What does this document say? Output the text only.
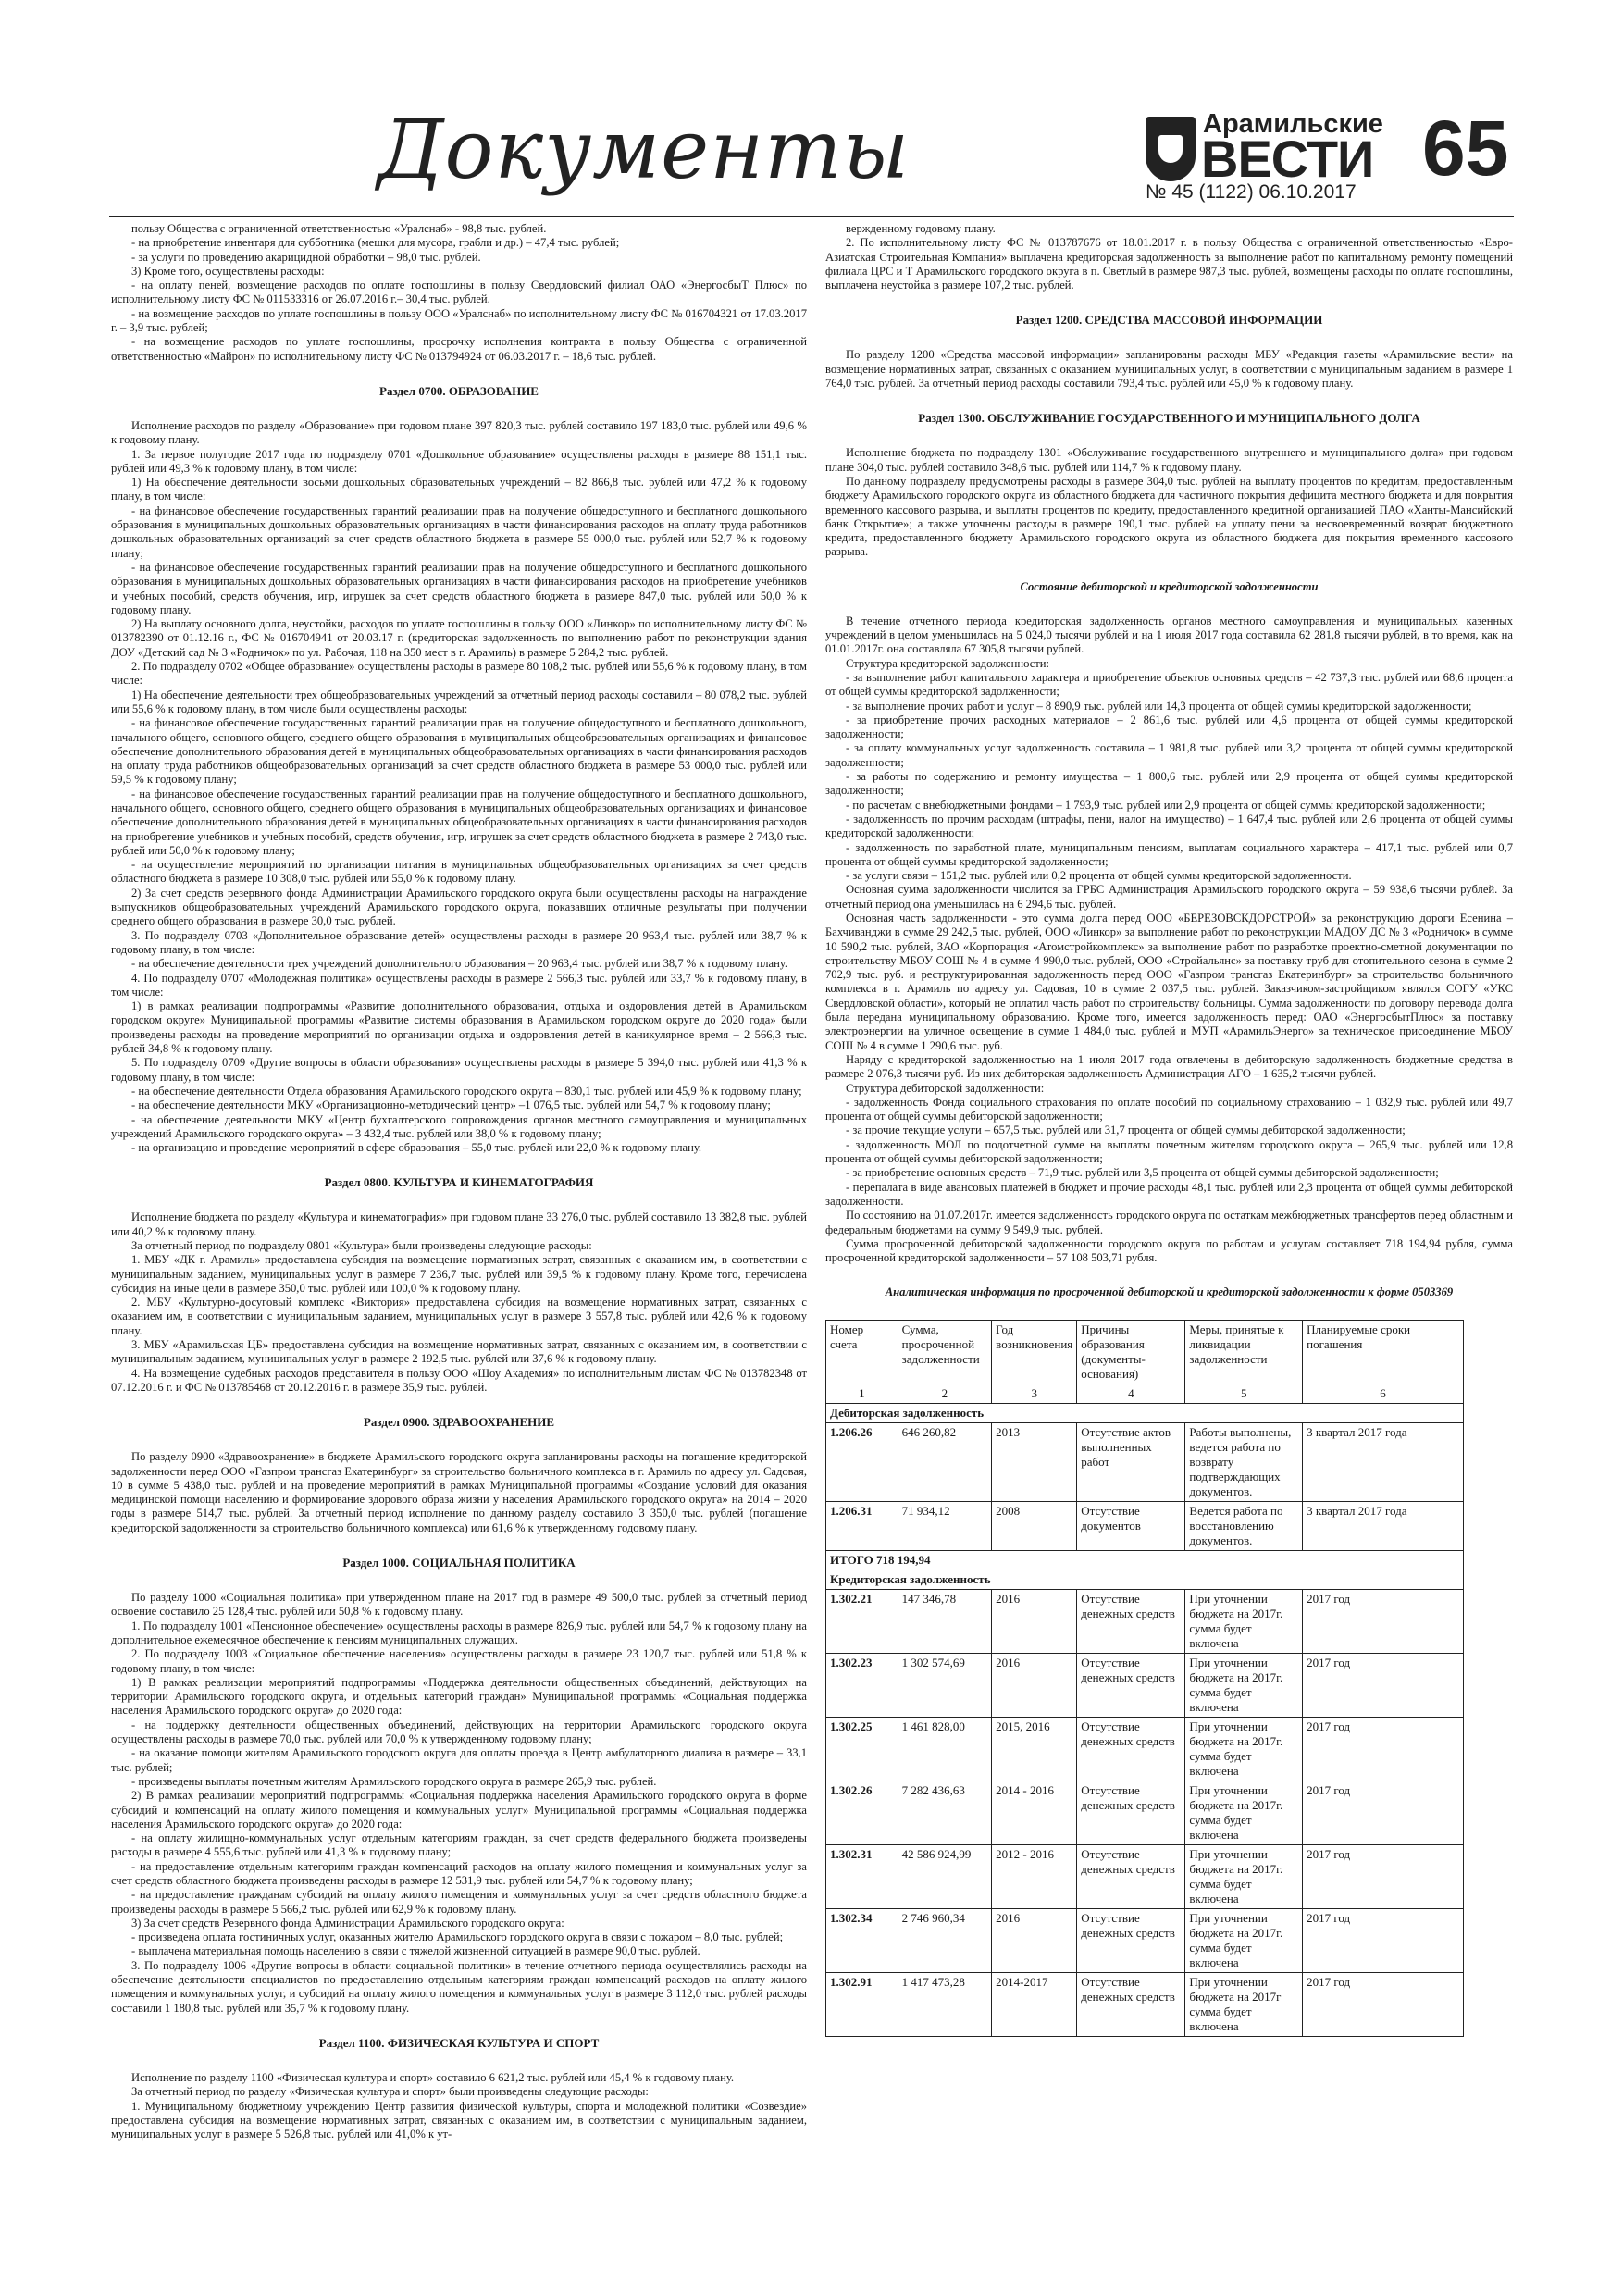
Документы	Арамильские
ВЕСТИ 65
№ 45 (1122) 06.10.2017

пользу Общества с ограниченной ответственностью «Уралснаб» - 98,8 тыс. рублей.

- на приобретение инвентаря для субботника (мешки для мусора, грабли и др.) – 47,4 тыс. рублей;

- за услуги по проведению акарицидной обработки – 98,0 тыс. рублей.

3) Кроме того, осуществлены расходы:

- на оплату пеней, возмещение расходов по оплате госпошлины в пользу Свердловский филиал ОАО «ЭнергосбыТ Плюс» по исполнительному листу ФС № 011533316 от 26.07.2016 г.– 30,4 тыс. рублей.

- на возмещение расходов по уплате госпошлины в пользу ООО «Уралснаб» по исполнительному листу ФС № 016704321 от 17.03.2017 г. – 3,9 тыс. рублей;

- на возмещение расходов по уплате госпошлины, просрочку исполнения контракта в пользу Общества с ограниченной ответственностью «Майрон» по исполнительному листу ФС № 013794924 от 06.03.2017 г. – 18,6 тыс. рублей.

Раздел 0700. ОБРАЗОВАНИЕ

Исполнение расходов по разделу «Образование» при годовом плане 397 820,3 тыс. рублей составило 197 183,0 тыс. рублей или 49,6 % к годовому плану.

1. За первое полугодие 2017 года по подразделу 0701 «Дошкольное образование» осуществлены расходы в размере 88 151,1 тыс. рублей или 49,3 % к годовому плану, в том числе:

1) На обеспечение деятельности восьми дошкольных образовательных учреждений – 82 866,8 тыс. рублей или 47,2 % к годовому плану, в том числе:

- на финансовое обеспечение государственных гарантий реализации прав на получение общедоступного и бесплатного дошкольного образования в муниципальных дошкольных образовательных организациях в части финансирования расходов на оплату труда работников дошкольных образовательных организаций за счет средств областного бюджета в размере 55 000,0 тыс. рублей или 52,7 % к годовому плану;

- на финансовое обеспечение государственных гарантий реализации прав на получение общедоступного и бесплатного дошкольного образования в муниципальных дошкольных образовательных организациях в части финансирования расходов на приобретение учебников и учебных пособий, средств обучения, игр, игрушек за счет средств областного бюджета в размере 847,0 тыс. рублей или 50,0 % к годовому плану.

2) На выплату основного долга, неустойки, расходов по уплате госпошлины в пользу ООО «Линкор» по исполнительному листу ФС № 013782390 от 01.12.16 г., ФС № 016704941 от 20.03.17 г. (кредиторская задолженность по выполнению работ по реконструкции здания ДОУ «Детский сад № 3 «Родничок» по ул. Рабочая, 118 на 350 мест в г. Арамиль) в размере 5 284,2 тыс. рублей.

2. По подразделу 0702 «Общее образование» осуществлены расходы в размере 80 108,2 тыс. рублей или 55,6 % к годовому плану, в том числе:

1) На обеспечение деятельности трех общеобразовательных учреждений за отчетный период расходы составили – 80 078,2 тыс. рублей или 55,6 % к годовому плану, в том числе были осуществлены расходы:

- на финансовое обеспечение государственных гарантий реализации прав на получение общедоступного и бесплатного дошкольного, начального общего, основного общего, среднего общего образования в муниципальных общеобразовательных организациях и финансовое обеспечение дополнительного образования детей в муниципальных общеобразовательных организациях в части финансирования расходов на оплату труда работников общеобразовательных организаций за счет средств областного бюджета в размере 53 000,0 тыс. рублей или 59,5 % к годовому плану;

- на финансовое обеспечение государственных гарантий реализации прав на получение общедоступного и бесплатного дошкольного, начального общего, основного общего, среднего общего образования в муниципальных общеобразовательных организациях и финансовое обеспечение дополнительного образования детей в муниципальных общеобразовательных организациях в части финансирования расходов на приобретение учебников и учебных пособий, средств обучения, игр, игрушек за счет средств областного бюджета в размере 2 743,0 тыс. рублей или 50,0 % к годовому плану;

- на осуществление мероприятий по организации питания в муниципальных общеобразовательных организациях за счет средств областного бюджета в размере 10 308,0 тыс. рублей или 55,0 % к годовому плану.

2) За счет средств резервного фонда Администрации Арамильского городского округа были осуществлены расходы на награждение выпускников общеобразовательных учреждений Арамильского городского округа, показавших отличные результаты при получении среднего общего образования в размере 30,0 тыс. рублей.

3. По подразделу 0703 «Дополнительное образование детей» осуществлены расходы в размере 20 963,4 тыс. рублей или 38,7 % к годовому плану, в том числе:

- на обеспечение деятельности трех учреждений дополнительного образования – 20 963,4 тыс. рублей или 38,7 % к годовому плану.

4. По подразделу 0707 «Молодежная политика» осуществлены расходы в размере 2 566,3 тыс. рублей или 33,7 % к годовому плану, в том числе:

1) в рамках реализации подпрограммы «Развитие дополнительного образования, отдыха и оздоровления детей в Арамильском городском округе» Муниципальной программы «Развитие системы образования в Арамильском городском округе до 2020 года» были произведены расходы на проведение мероприятий по организации отдыха и оздоровления детей в каникулярное время – 2 566,3 тыс. рублей 34,8 % к годовому плану.

5. По подразделу 0709 «Другие вопросы в области образования» осуществлены расходы в размере 5 394,0 тыс. рублей или 41,3 % к годовому плану, в том числе:

- на обеспечение деятельности Отдела образования Арамильского городского округа – 830,1 тыс. рублей или 45,9 % к годовому плану;

- на обеспечение деятельности МКУ «Организационно-методический центр» –1 076,5 тыс. рублей или 54,7 % к годовому плану;

- на обеспечение деятельности МКУ «Центр бухгалтерского сопровождения органов местного самоуправления и муниципальных учреждений Арамильского городского округа» – 3 432,4 тыс. рублей или 38,0 % к годовому плану;

- на организацию и проведение мероприятий в сфере образования – 55,0 тыс. рублей или 22,0 % к годовому плану.

Раздел 0800. КУЛЬТУРА И КИНЕМАТОГРАФИЯ

Исполнение бюджета по разделу «Культура и кинематография» при годовом плане 33 276,0 тыс. рублей составило 13 382,8 тыс. рублей или 40,2 % к годовому плану.

За отчетный период по подразделу 0801 «Культура» были произведены следующие расходы:

1. МБУ «ДК г. Арамиль» предоставлена субсидия на возмещение нормативных затрат, связанных с оказанием им, в соответствии с муниципальным заданием, муниципальных услуг в размере 7 236,7 тыс. рублей или 39,5 % к годовому плану. Кроме того, перечислена субсидия на иные цели в размере 350,0 тыс. рублей или 100,0 % к годовому плану.

2. МБУ «Культурно-досуговый комплекс «Виктория» предоставлена субсидия на возмещение нормативных затрат, связанных с оказанием им, в соответствии с муниципальным заданием, муниципальных услуг в размере 3 557,8 тыс. рублей или 42,6 % к годовому плану.

3. МБУ «Арамильская ЦБ» предоставлена субсидия на возмещение нормативных затрат, связанных с оказанием им, в соответствии с муниципальным заданием, муниципальных услуг в размере 2 192,5 тыс. рублей или 37,6 % к годовому плану.

4. На возмещение судебных расходов представителя в пользу ООО «Шоу Академия» по исполнительным листам ФС № 013782348 от 07.12.2016 г. и ФС № 013785468 от 20.12.2016 г. в размере 35,9 тыс. рублей.

Раздел 0900. ЗДРАВООХРАНЕНИЕ

По разделу 0900 «Здравоохранение» в бюджете Арамильского городского округа запланированы расходы на погашение кредиторской задолженности перед ООО «Газпром трансгаз Екатеринбург» за строительство больничного комплекса в г. Арамиль по адресу ул. Садовая, 10 в сумме 5 438,0 тыс. рублей и на проведение мероприятий в рамках Муниципальной программы «Создание условий для оказания медицинской помощи населению и формирование здорового образа жизни у населения Арамильского городского округа» на 2014 – 2020 годы в размере 514,7 тыс. рублей. За отчетный период исполнение по данному разделу составило 3 350,0 тыс. рублей (погашение кредиторской задолженности за строительство больничного комплекса) или 61,6 % к утвержденному годовому плану.

Раздел 1000. СОЦИАЛЬНАЯ ПОЛИТИКА

По разделу 1000 «Социальная политика» при утвержденном плане на 2017 год в размере 49 500,0 тыс. рублей за отчетный период освоение составило 25 128,4 тыс. рублей или 50,8 % к годовому плану.

1. По подразделу 1001 «Пенсионное обеспечение» осуществлены расходы в размере 826,9 тыс. рублей или 54,7 % к годовому плану на дополнительное ежемесячное обеспечение к пенсиям муниципальных служащих.

2. По подразделу 1003 «Социальное обеспечение населения» осуществлены расходы в размере 23 120,7 тыс. рублей или 51,8 % к годовому плану, в том числе:

1) В рамках реализации мероприятий подпрограммы «Поддержка деятельности общественных объединений, действующих на территории Арамильского городского округа, и отдельных категорий граждан» Муниципальной программы «Социальная поддержка населения Арамильского городского округа» до 2020 года:

- на поддержку деятельности общественных объединений, действующих на территории Арамильского городского округа осуществлены расходы в размере 70,0 тыс. рублей или 70,0 % к утвержденному годовому плану;

- на оказание помощи жителям Арамильского городского округа для оплаты проезда в Центр амбулаторного диализа в размере – 33,1 тыс. рублей;

- произведены выплаты почетным жителям Арамильского городского округа в размере 265,9 тыс. рублей.

2) В рамках реализации мероприятий подпрограммы «Социальная поддержка населения Арамильского городского округа в форме субсидий и компенсаций на оплату жилого помещения и коммунальных услуг» Муниципальной программы «Социальная поддержка населения Арамильского городского округа» до 2020 года:

- на оплату жилищно-коммунальных услуг отдельным категориям граждан, за счет средств федерального бюджета произведены расходы в размере 4 555,6 тыс. рублей или 41,3 % к годовому плану;

- на предоставление отдельным категориям граждан компенсаций расходов на оплату жилого помещения и коммунальных услуг за счет средств областного бюджета произведены расходы в размере 12 531,9 тыс. рублей или 54,7 % к годовому плану;

- на предоставление гражданам субсидий на оплату жилого помещения и коммунальных услуг за счет средств областного бюджета произведены расходы в размере 5 566,2 тыс. рублей или 62,9 % к годовому плану.

3) За счет средств Резервного фонда Администрации Арамильского городского округа:

- произведена оплата гостиничных услуг, оказанных жителю Арамильского городского округа в связи с пожаром – 8,0 тыс. рублей;

- выплачена материальная помощь населению в связи с тяжелой жизненной ситуацией в размере 90,0 тыс. рублей.

3. По подразделу 1006 «Другие вопросы в области социальной политики» в течение отчетного периода осуществлялись расходы на обеспечение деятельности специалистов по предоставлению отдельным категориям граждан компенсаций расходов на оплату жилого помещения и коммунальных услуг, и субсидий на оплату жилого помещения и коммунальных услуг в размере 3 112,0 тыс. рублей расходы составили 1 180,8 тыс. рублей или 35,7 % к годовому плану.

Раздел 1100. ФИЗИЧЕСКАЯ КУЛЬТУРА И СПОРТ

Исполнение по разделу 1100 «Физическая культура и спорт» составило 6 621,2 тыс. рублей или 45,4 % к годовому плану.

За отчетный период по разделу «Физическая культура и спорт» были произведены следующие расходы:

1. Муниципальному бюджетному учреждению Центр развития физической культуры, спорта и молодежной политики «Созвездие» предоставлена субсидия на возмещение нормативных затрат, связанных с оказанием им, в соответствии с муниципальным заданием, муниципальных услуг в размере 5 526,8 тыс. рублей или 41,0% к ут-

вержденному годовому плану.

2. По исполнительному листу ФС № 013787676 от 18.01.2017 г. в пользу Общества с ограниченной ответственностью «Евро-Азиатская Строительная Компания» выплачена кредиторская задолженность за выполнение работ по капитальному ремонту помещений филиала ЦРС и Т Арамильского городского округа в п. Светлый в размере 987,3 тыс. рублей, возмещены расходы по оплате госпошлины, выплачена неустойка в размере 107,2 тыс. рублей.

Раздел 1200. СРЕДСТВА МАССОВОЙ ИНФОРМАЦИИ

По разделу 1200 «Средства массовой информации» запланированы расходы МБУ «Редакция газеты «Арамильские вести» на возмещение нормативных затрат, связанных с оказанием муниципальных услуг, в соответствии с муниципальным заданием в размере 1 764,0 тыс. рублей. За отчетный период расходы составили 793,4 тыс. рублей или 45,0 % к годовому плану.

Раздел 1300. ОБСЛУЖИВАНИЕ ГОСУДАРСТВЕННОГО И МУНИЦИПАЛЬНОГО ДОЛГА

Исполнение бюджета по подразделу 1301 «Обслуживание государственного внутреннего и муниципального долга» при годовом плане 304,0 тыс. рублей составило 348,6 тыс. рублей или 114,7 % к годовому плану.

По данному подразделу предусмотрены расходы в размере 304,0 тыс. рублей на выплату процентов по кредитам, предоставленным бюджету Арамильского городского округа из областного бюджета для частичного покрытия дефицита местного бюджета и для покрытия временного кассового разрыва, и выплаты процентов по кредиту, предоставленного кредитной организацией ПАО «Ханты-Мансийский банк Открытие»; а также уточнены расходы в размере 190,1 тыс. рублей на уплату пени за несвоевременный возврат бюджетного кредита, предоставленного бюджету Арамильского городского округа из областного бюджета для покрытия временного кассового разрыва.

Состояние дебиторской и кредиторской задолженности

В течение отчетного периода кредиторская задолженность органов местного самоуправления и муниципальных казенных учреждений в целом уменьшилась на 5 024,0 тысячи рублей и на 1 июля 2017 года составила 62 281,8 тысячи рублей, в то время, как на 01.01.2017г. она составляла 67 305,8 тысячи рублей.

Структура кредиторской задолженности:

- за выполнение работ капитального характера и приобретение объектов основных средств – 42 737,3 тыс. рублей или 68,6 процента от общей суммы кредиторской задолженности;

- за выполнение прочих работ и услуг – 8 890,9 тыс. рублей или 14,3 процента от общей суммы кредиторской задолженности;

- за приобретение прочих расходных материалов – 2 861,6 тыс. рублей или 4,6 процента от общей суммы кредиторской задолженности;

- за оплату коммунальных услуг задолженность составила – 1 981,8 тыс. рублей или 3,2 процента от общей суммы кредиторской задолженности;

- за работы по содержанию и ремонту имущества – 1 800,6 тыс. рублей или 2,9 процента от общей суммы кредиторской задолженности;

- по расчетам с внебюджетными фондами – 1 793,9 тыс. рублей или 2,9 процента от общей суммы кредиторской задолженности;

- задолженность по прочим расходам (штрафы, пени, налог на имущество) – 1 647,4 тыс. рублей или 2,6 процента от общей суммы кредиторской задолженности;

- задолженность по заработной плате, муниципальным пенсиям, выплатам социального характера – 417,1 тыс. рублей или 0,7 процента от общей суммы кредиторской задолженности;

- за услуги связи – 151,2 тыс. рублей или 0,2 процента от общей суммы кредиторской задолженности.

Основная сумма задолженности числится за ГРБС Администрация Арамильского городского округа – 59 938,6 тысячи рублей. За отчетный период она уменьшилась на 6 294,6 тыс. рублей.

Основная часть задолженности - это сумма долга перед ООО «БЕРЕЗОВСКДОРСТРОЙ» за реконструкцию дороги Есенина –Бахчиванджи в сумме 29 242,5 тыс. рублей, ООО «Линкор» за выполнение работ по реконструкции МАДОУ ДС № 3 «Родничок» в сумме 10 590,2 тыс. рублей, ЗАО «Корпорация «Атомстройкомплекс» за выполнение работ по разработке проектно-сметной документации по строительству МБОУ СОШ № 4 в сумме 4 990,0 тыс. рублей, ООО «Стройальянс» за поставку труб для отопительного сезона в сумме 2 702,9 тыс. руб. и реструктурированная задолженность перед ООО «Газпром трансгаз Екатеринбург» за строительство больничного комплекса в г. Арамиль по адресу ул. Садовая, 10 в сумме 2 037,5 тыс. рублей. Заказчиком-застройщиком являлся СОГУ «УКС Свердловской области», который не оплатил часть работ по строительству больницы. Сумма задолженности по договору перевода долга была передана муниципальному образованию. Кроме того, имеется задолженность перед: ОАО «ЭнергосбытПлюс» за поставку электроэнергии на уличное освещение в сумме 1 484,0 тыс. рублей и МУП «АрамильЭнерго» за техническое присоединение МБОУ СОШ № 4 в сумме 1 290,6 тыс. руб.

Наряду с кредиторской задолженностью на 1 июля 2017 года отвлечены в дебиторскую задолженность бюджетные средства в размере 2 076,3 тысячи руб. Из них дебиторская задолженность Администрация АГО – 1 635,2 тысячи рублей.

Структура дебиторской задолженности:

- задолженность Фонда социального страхования по оплате пособий по социальному страхованию – 1 032,9 тыс. рублей или 49,7 процента от общей суммы дебиторской задолженности;

- за прочие текущие услуги – 657,5 тыс. рублей или 31,7 процента от общей суммы дебиторской задолженности;

- задолженность МОЛ по подотчетной сумме на выплаты почетным жителям городского округа – 265,9 тыс. рублей или 12,8 процента от общей суммы дебиторской задолженности;

- за приобретение основных средств – 71,9 тыс. рублей или 3,5 процента от общей суммы дебиторской задолженности;

- перепалата в виде авансовых платежей в бюджет и прочие расходы 48,1 тыс. рублей или 2,3 процента от общей суммы дебиторской задолженности.

По состоянию на 01.07.2017г. имеется задолженность городского округа по остаткам межбюджетных трансфертов перед областным и федеральным бюджетами на сумму 9 549,9 тыс. рублей.

Сумма просроченной дебиторской задолженности городского округа по работам и услугам составляет 718 194,94 рубля, сумма просроченной кредиторской задолженности – 57 108 503,71 рубля.

Аналитическая информация по просроченной дебиторской и кредиторской задолженности к форме 0503369

Номер счета	Сумма, просроченной задолженности	Год возникновения	Причины образования (документы-основания)	Меры, принятые к ликвидации задолженности	Планируемые сроки погашения
1	2	3	4	5	6
Дебиторская задолженность					
1.206.26	646 260,82	2013	Отсутствие актов выполненных работ	Работы выполнены, ведется работа по возврату подтверждающих документов.	3 квартал 2017 года
1.206.31	71 934,12	2008	Отсутствие документов	Ведется работа по восстановлению документов.	3 квартал 2017 года
ИТОГО 718 194,94					
Кредиторская задолженность					
1.302.21	147 346,78	2016	Отсутствие денежных средств	При уточнении бюджета на 2017г. сумма будет включена	2017 год
1.302.23	1 302 574,69	2016	Отсутствие денежных средств	При уточнении бюджета на 2017г. сумма будет включена	2017 год
1.302.25	1 461 828,00	2015, 2016	Отсутствие денежных средств	При уточнении бюджета на 2017г. сумма будет включена	2017 год
1.302.26	7 282 436,63	2014 - 2016	Отсутствие денежных средств	При уточнении бюджета на 2017г. сумма будет включена	2017 год
1.302.31	42 586 924,99	2012 - 2016	Отсутствие денежных средств	При уточнении бюджета на 2017г. сумма будет включена	2017 год
1.302.34	2 746 960,34	2016	Отсутствие денежных средств	При уточнении бюджета на 2017г. сумма будет включена	2017 год
1.302.91	1 417 473,28	2014-2017	Отсутствие денежных средств	При уточнении бюджета на 2017г сумма будет включена	2017 год
